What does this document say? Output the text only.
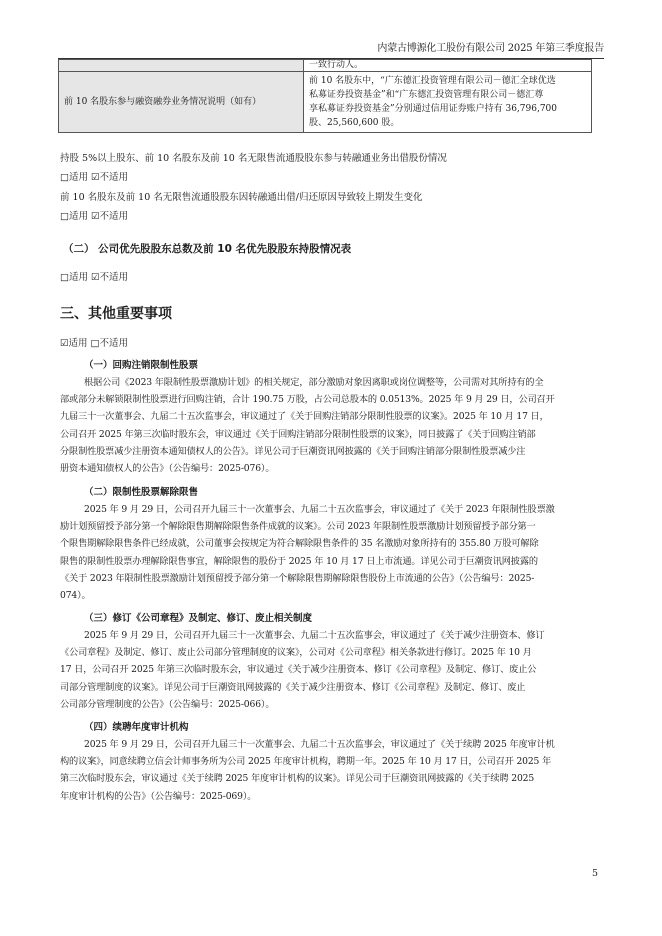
内蒙古博源化工股份有限公司 2025 年第三季度报告
	一致行动人。
前 10 名股东参与融资融券业务情况说明（如有）	前 10 名股东中，“广东德汇投资管理有限公司－德汇全球优选
私募证券投资基金”和“广东德汇投资管理有限公司－德汇尊
享私募证券投资基金”分别通过信用证券账户持有 36,796,700
股、25,560,600 股。
持股 5%以上股东、前 10 名股东及前 10 名无限售流通股股东参与转融通业务出借股份情况
□适用 ☑不适用
前 10 名股东及前 10 名无限售流通股股东因转融通出借/归还原因导致较上期发生变化
□适用 ☑不适用
（二） 公司优先股股东总数及前 10 名优先股股东持股情况表
□适用 ☑不适用
三、其他重要事项
☑适用 □不适用
（一）回购注销限制性股票
根据公司《2023 年限制性股票激励计划》的相关规定，部分激励对象因离职或岗位调整等，公司需对其所持有的全
部或部分未解锁限制性股票进行回购注销，合计 190.75 万股，占公司总股本的 0.0513%。2025 年 9 月 29 日，公司召开
九届三十一次董事会、九届二十五次监事会，审议通过了《关于回购注销部分限制性股票的议案》。2025 年 10 月 17 日，
公司召开 2025 年第三次临时股东会，审议通过《关于回购注销部分限制性股票的议案》，同日披露了《关于回购注销部
分限制性股票减少注册资本通知债权人的公告》。详见公司于巨潮资讯网披露的《关于回购注销部分限制性股票减少注
册资本通知债权人的公告》（公告编号：2025-076）。
（二）限制性股票解除限售
2025 年 9 月 29 日，公司召开九届三十一次董事会、九届二十五次监事会，审议通过了《关于 2023 年限制性股票激
励计划预留授予部分第一个解除限售期解除限售条件成就的议案》。公司 2023 年限制性股票激励计划预留授予部分第一
个限售期解除限售条件已经成就，公司董事会按规定为符合解除限售条件的 35 名激励对象所持有的 355.80 万股可解除
限售的限制性股票办理解除限售事宜，解除限售的股份于 2025 年 10 月 17 日上市流通。详见公司于巨潮资讯网披露的
《关于 2023 年限制性股票激励计划预留授予部分第一个解除限售期解除限售股份上市流通的公告》（公告编号：2025-
074）。
（三）修订《公司章程》及制定、修订、废止相关制度
2025 年 9 月 29 日，公司召开九届三十一次董事会、九届二十五次监事会，审议通过了《关于减少注册资本、修订
《公司章程》及制定、修订、废止公司部分管理制度的议案》，公司对《公司章程》相关条款进行修订。2025 年 10 月
17 日，公司召开 2025 年第三次临时股东会，审议通过《关于减少注册资本、修订《公司章程》及制定、修订、废止公
司部分管理制度的议案》。详见公司于巨潮资讯网披露的《关于减少注册资本、修订《公司章程》及制定、修订、废止
公司部分管理制度的公告》（公告编号：2025-066）。
（四）续聘年度审计机构
2025 年 9 月 29 日，公司召开九届三十一次董事会、九届二十五次监事会，审议通过了《关于续聘 2025 年度审计机
构的议案》，同意续聘立信会计师事务所为公司 2025 年度审计机构，聘期一年。2025 年 10 月 17 日，公司召开 2025 年
第三次临时股东会，审议通过《关于续聘 2025 年度审计机构的议案》。详见公司于巨潮资讯网披露的《关于续聘 2025
年度审计机构的公告》（公告编号：2025-069）。
5
